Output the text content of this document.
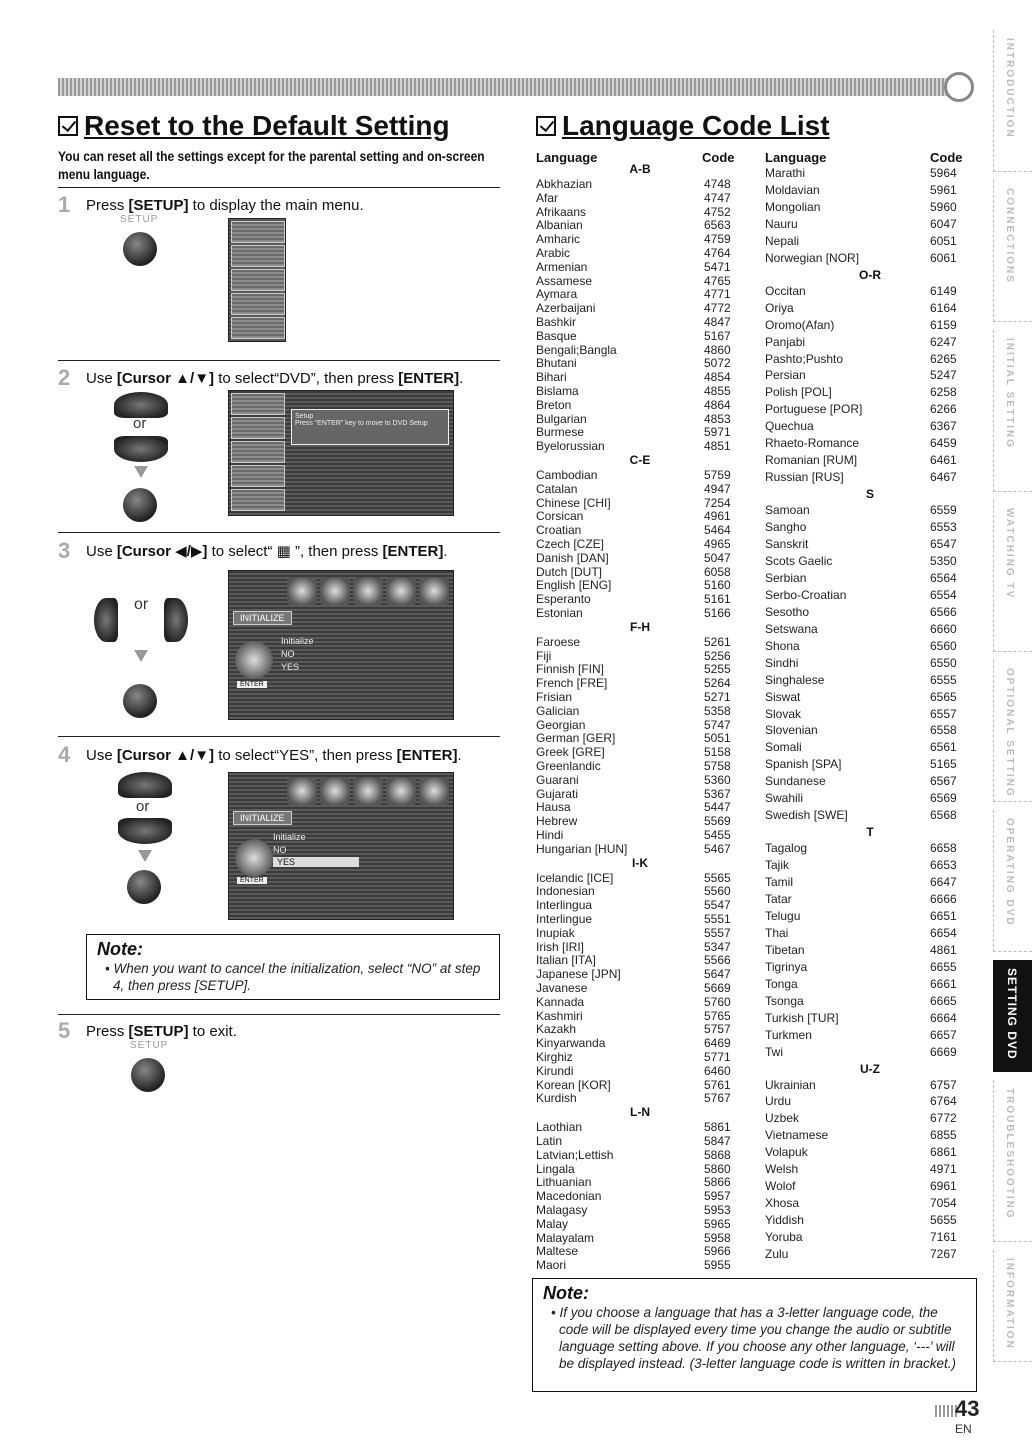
INTRODUCTION
CONNECTIONS
INITIAL SETTING
WATCHING TV
OPTIONAL SETTING
OPERATING DVD
SETTING DVD
TROUBLESHOOTING
INFORMATION
Reset to the Default Setting
You can reset all the settings except for the parental setting and on-screen menu language.
1	Press [SETUP] to display the main menu.
SETUP
2	Use [Cursor ▲/▼] to select“DVD”, then press [ENTER].
or	Setup
Press “ENTER” key to move to DVD Setup
3	Use [Cursor ◀/▶] to select“ ▦ ”, then press [ENTER].
or
INITIALIZE
ENTER
Initialize
NO
YES
4	Use [Cursor ▲/▼] to select“YES”, then press [ENTER].
or
INITIALIZE
ENTER
Initialize
NO
YES
Note:
• When you want to cancel the initialization, select “NO” at step 4, then press [SETUP].
5	Press [SETUP] to exit.
SETUP
Language Code List
Language	Code Language	Code
A-B
Abkhazian	4748
Afar	4747
Afrikaans	4752
Albanian	6563
Amharic	4759
Arabic	4764
Armenian	5471
Assamese	4765
Aymara	4771
Azerbaijani	4772
Bashkir	4847
Basque	5167
Bengali;Bangla	4860
Bhutani	5072
Bihari	4854
Bislama	4855
Breton	4864
Bulgarian	4853
Burmese	5971
Byelorussian	4851
C-E
Cambodian	5759
Catalan	4947
Chinese [CHI]	7254
Corsican	4961
Croatian	5464
Czech [CZE]	4965
Danish [DAN]	5047
Dutch [DUT]	6058
English [ENG]	5160
Esperanto	5161
Estonian	5166
F-H
Faroese	5261
Fiji	5256
Finnish [FIN]	5255
French [FRE]	5264
Frisian	5271
Galician	5358
Georgian	5747
German [GER]	5051
Greek [GRE]	5158
Greenlandic	5758
Guarani	5360
Gujarati	5367
Hausa	5447
Hebrew	5569
Hindi	5455
Hungarian [HUN]	5467
I-K
Icelandic [ICE]	5565
Indonesian	5560
Interlingua	5547
Interlingue	5551
Inupiak	5557
Irish [IRI]	5347
Italian [ITA]	5566
Japanese [JPN]	5647
Javanese	5669
Kannada	5760
Kashmiri	5765
Kazakh	5757
Kinyarwanda	6469
Kirghiz	5771
Kirundi	6460
Korean [KOR]	5761
Kurdish	5767
L-N
Laothian	5861
Latin	5847
Latvian;Lettish	5868
Lingala	5860
Lithuanian	5866
Macedonian	5957
Malagasy	5953
Malay	5965
Malayalam	5958
Maltese	5966
Maori	5955
Marathi	5964
Moldavian	5961
Mongolian	5960
Nauru	6047
Nepali	6051
Norwegian [NOR]	6061
O-R
Occitan	6149
Oriya	6164
Oromo(Afan)	6159
Panjabi	6247
Pashto;Pushto	6265
Persian	5247
Polish [POL]	6258
Portuguese [POR]	6266
Quechua	6367
Rhaeto-Romance	6459
Romanian [RUM]	6461
Russian [RUS]	6467
S
Samoan	6559
Sangho	6553
Sanskrit	6547
Scots Gaelic	5350
Serbian	6564
Serbo-Croatian	6554
Sesotho	6566
Setswana	6660
Shona	6560
Sindhi	6550
Singhalese	6555
Siswat	6565
Slovak	6557
Slovenian	6558
Somali	6561
Spanish [SPA]	5165
Sundanese	6567
Swahili	6569
Swedish [SWE]	6568
T
Tagalog	6658
Tajik	6653
Tamil	6647
Tatar	6666
Telugu	6651
Thai	6654
Tibetan	4861
Tigrinya	6655
Tonga	6661
Tsonga	6665
Turkish [TUR]	6664
Turkmen	6657
Twi	6669
U-Z
Ukrainian	6757
Urdu	6764
Uzbek	6772
Vietnamese	6855
Volapuk	6861
Welsh	4971
Wolof	6961
Xhosa	7054
Yiddish	5655
Yoruba	7161
Zulu	7267
Note:
• If you choose a language that has a 3-letter language code, the code will be displayed every time you change the audio or subtitle language setting above. If you choose any other language, ‘---’ will be displayed instead. (3-letter language code is written in bracket.)
43
EN
